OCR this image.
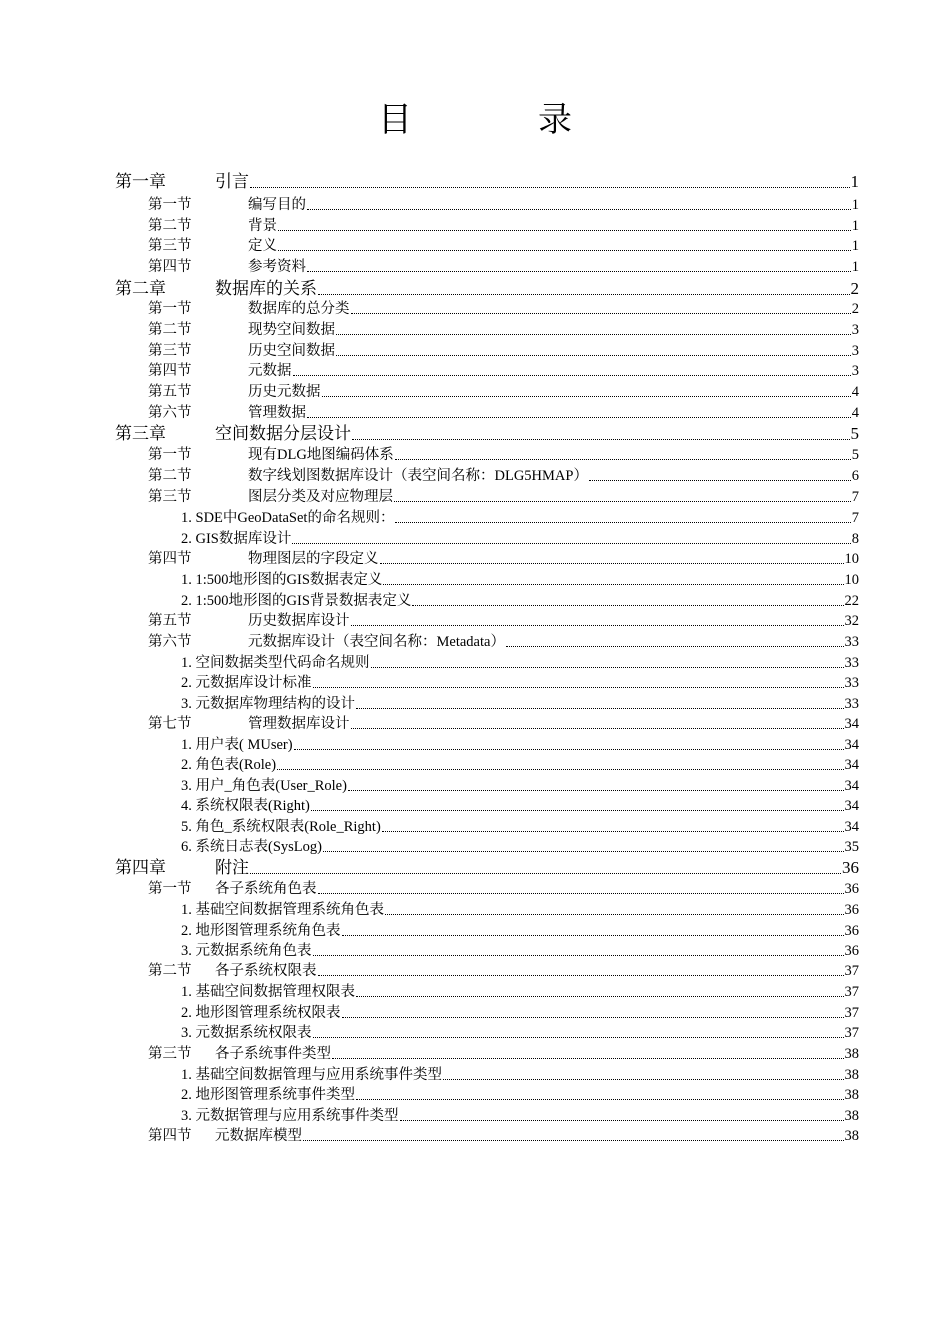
目　录
第一章	引言	1
第一节	编写目的	1
第二节	背景	1
第三节	定义	1
第四节	参考资料	1
第二章	数据库的关系	2
第一节	数据库的总分类	2
第二节	现势空间数据	3
第三节	历史空间数据	3
第四节	元数据	3
第五节	历史元数据	4
第六节	管理数据	4
第三章	空间数据分层设计	5
第一节	现有DLG地图编码体系	5
第二节	数字线划图数据库设计（表空间名称：DLG5HMAP）	6
第三节	图层分类及对应物理层	7
1. SDE中GeoDataSet的命名规则：	7
2. GIS数据库设计	8
第四节	物理图层的字段定义	10
1. 1:500地形图的GIS数据表定义	10
2. 1:500地形图的GIS背景数据表定义	22
第五节	历史数据库设计	32
第六节	元数据库设计（表空间名称：Metadata）	33
1. 空间数据类型代码命名规则	33
2. 元数据库设计标准	33
3. 元数据库物理结构的设计	33
第七节	管理数据库设计	34
1. 用户表( MUser)	34
2. 角色表(Role)	34
3. 用户_角色表(User_Role)	34
4. 系统权限表(Right)	34
5. 角色_系统权限表(Role_Right)	34
6. 系统日志表(SysLog)	35
第四章	附注	36
第一节	各子系统角色表	36
1. 基础空间数据管理系统角色表	36
2. 地形图管理系统角色表	36
3. 元数据系统角色表	36
第二节	各子系统权限表	37
1. 基础空间数据管理权限表	37
2. 地形图管理系统权限表	37
3. 元数据系统权限表	37
第三节	各子系统事件类型	38
1. 基础空间数据管理与应用系统事件类型	38
2. 地形图管理系统事件类型	38
3. 元数据管理与应用系统事件类型	38
第四节	元数据库模型	38
